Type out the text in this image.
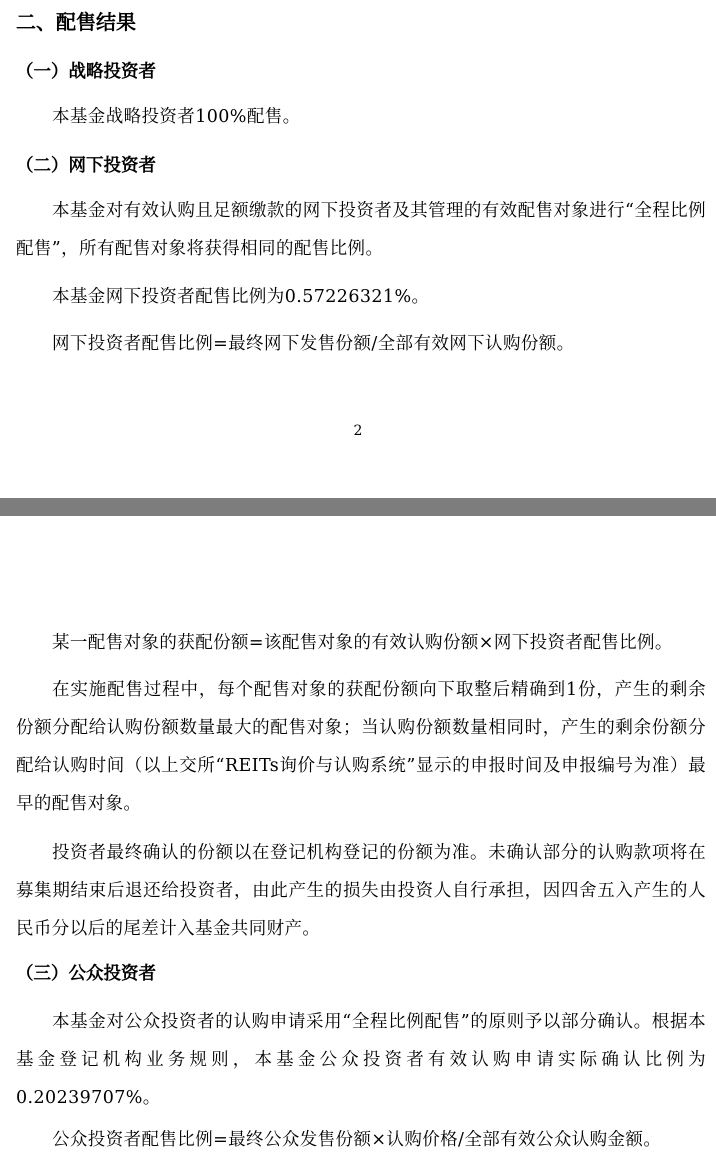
二、配售结果
（一）战略投资者

本基金战略投资者100%配售。

（二）网下投资者

本基金对有效认购且足额缴款的网下投资者及其管理的有效配售对象进行“全程比例配售”，所有配售对象将获得相同的配售比例。

本基金网下投资者配售比例为0.57226321%。

网下投资者配售比例=最终网下发售份额/全部有效网下认购份额。

2

某一配售对象的获配份额=该配售对象的有效认购份额×网下投资者配售比例。

在实施配售过程中，每个配售对象的获配份额向下取整后精确到1份，产生的剩余份额分配给认购份额数量最大的配售对象；当认购份额数量相同时，产生的剩余份额分配给认购时间（以上交所“REITs询价与认购系统”显示的申报时间及申报编号为准）最早的配售对象。

投资者最终确认的份额以在登记机构登记的份额为准。未确认部分的认购款项将在募集期结束后退还给投资者，由此产生的损失由投资人自行承担，因四舍五入产生的人民币分以后的尾差计入基金共同财产。

（三）公众投资者

本基金对公众投资者的认购申请采用“全程比例配售”的原则予以部分确认。根据本基金登记机构业务规则，本基金公众投资者有效认购申请实际确认比例为0.20239707%。

公众投资者配售比例=最终公众发售份额×认购价格/全部有效公众认购金额。
